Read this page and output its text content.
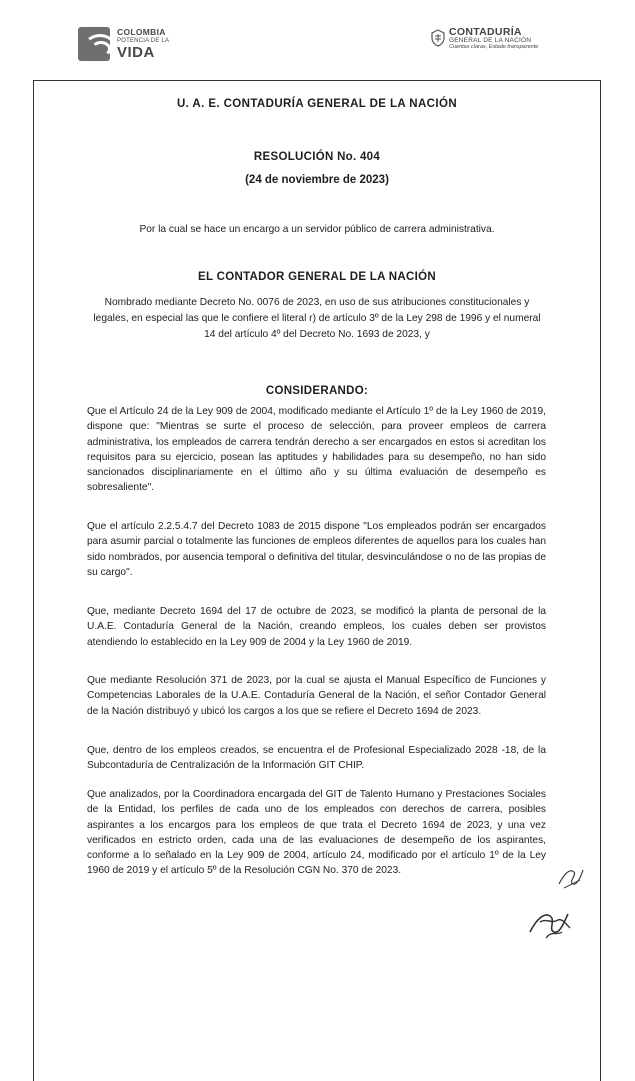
COLOMBIA
POTENCIA DE LA
VIDA
CONTADURÍA
GENERAL DE LA NACIÓN
Cuentas claras, Estado transparente
U. A. E. CONTADURÍA GENERAL DE LA NACIÓN
RESOLUCIÓN No. 404
(24 de noviembre de 2023)
Por la cual se hace un encargo a un servidor público de carrera administrativa.
EL CONTADOR GENERAL DE LA NACIÓN
Nombrado mediante Decreto No. 0076 de 2023, en uso de sus atribuciones constitucionales y legales, en especial las que le confiere el literal r) de artículo 3º de la Ley 298 de 1996 y el numeral 14 del artículo 4º del Decreto No. 1693 de 2023, y
CONSIDERANDO:
Que el Artículo 24 de la Ley 909 de 2004, modificado mediante el Artículo 1º de la Ley 1960 de 2019, dispone que: "Mientras se surte el proceso de selección, para proveer empleos de carrera administrativa, los empleados de carrera tendrán derecho a ser encargados en estos si acreditan los requisitos para su ejercicio, posean las aptitudes y habilidades para su desempeño, no han sido sancionados disciplinariamente en el último año y su última evaluación de desempeño es sobresaliente".
Que el artículo 2.2.5.4.7 del Decreto 1083 de 2015 dispone "Los empleados podrán ser encargados para asumir parcial o totalmente las funciones de empleos diferentes de aquellos para los cuales han sido nombrados, por ausencia temporal o definitiva del titular, desvinculándose o no de las propias de su cargo".
Que, mediante Decreto 1694 del 17 de octubre de 2023, se modificó la planta de personal de la U.A.E. Contaduría General de la Nación, creando empleos, los cuales deben ser provistos atendiendo lo establecido en la Ley 909 de 2004 y la Ley 1960 de 2019.
Que mediante Resolución 371 de 2023, por la cual se ajusta el Manual Específico de Funciones y Competencias Laborales de la U.A.E. Contaduría General de la Nación, el señor Contador General de la Nación distribuyó y ubicó los cargos a los que se refiere el Decreto 1694 de 2023.
Que, dentro de los empleos creados, se encuentra el de Profesional Especializado 2028 -18, de la Subcontaduría de Centralización de la Información GIT CHIP.
Que analizados, por la Coordinadora encargada del GIT de Talento Humano y Prestaciones Sociales de la Entidad, los perfiles de cada uno de los empleados con derechos de carrera, posibles aspirantes a los encargos para los empleos de que trata el Decreto 1694 de 2023, y una vez verificados en estricto orden, cada una de las evaluaciones de desempeño de los aspirantes, conforme a lo señalado en la Ley 909 de 2004, artículo 24, modificado por el artículo 1º de la Ley 1960 de 2019 y el artículo 5º de la Resolución CGN No. 370 de 2023.
